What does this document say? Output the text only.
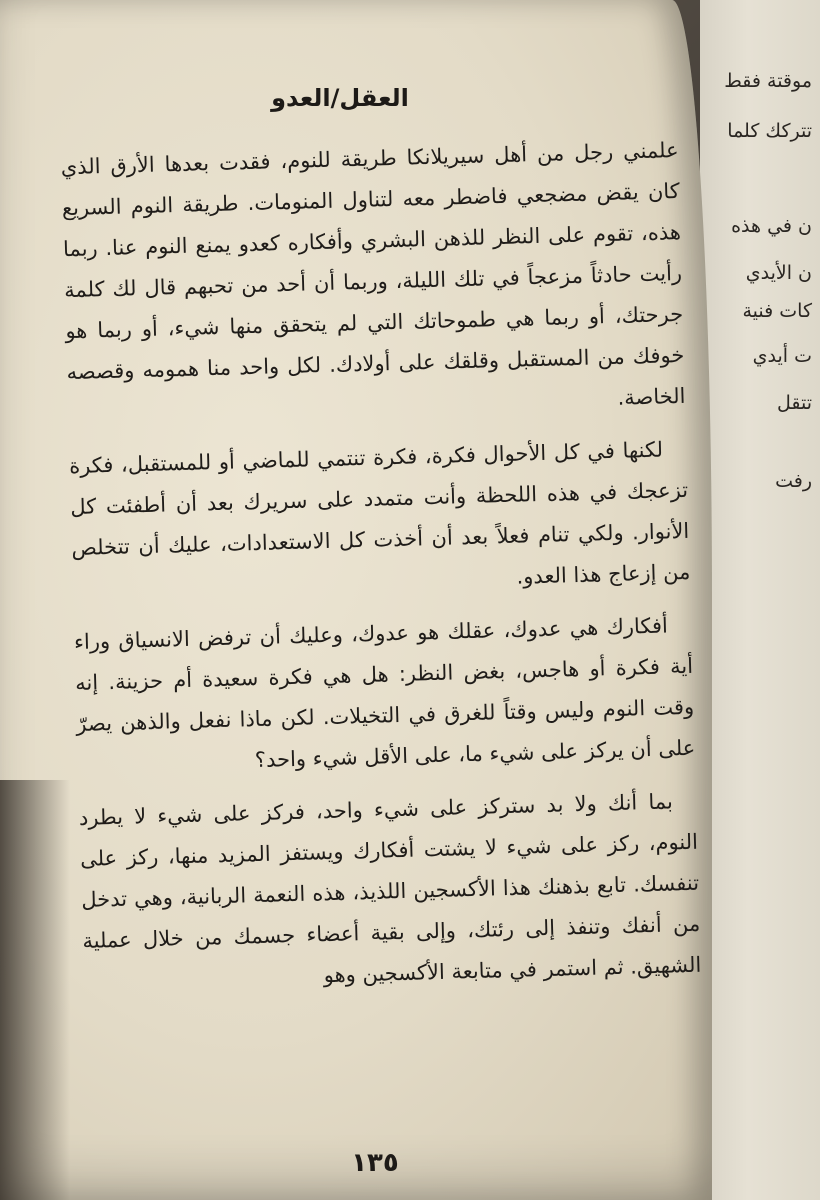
موقتة فقط
تتركك كلما
ن في هذه
ن الأيدي
كات فنية
ت أيدي
تتقل
رفت
العقل/العدو

علمني رجل من أهل سيريلانكا طريقة للنوم، فقدت بعدها الأرق الذي كان يقض مضجعي فاضطر معه لتناول المنومات. طريقة النوم السريع هذه، تقوم على النظر للذهن البشري وأفكاره كعدو يمنع النوم عنا. ربما رأيت حادثاً مزعجاً في تلك الليلة، وربما أن أحد من تحبهم قال لك كلمة جرحتك، أو ربما هي طموحاتك التي لم يتحقق منها شيء، أو ربما هو خوفك من المستقبل وقلقك على أولادك. لكل واحد منا همومه وقصصه الخاصة.

لكنها في كل الأحوال فكرة، فكرة تنتمي للماضي أو للمستقبل، فكرة تزعجك في هذه اللحظة وأنت متمدد على سريرك بعد أن أطفئت كل الأنوار. ولكي تنام فعلاً بعد أن أخذت كل الاستعدادات، عليك أن تتخلص من إزعاج هذا العدو.

أفكارك هي عدوك، عقلك هو عدوك، وعليك أن ترفض الانسياق وراء أية فكرة أو هاجس، بغض النظر: هل هي فكرة سعيدة أم حزينة. إنه وقت النوم وليس وقتاً للغرق في التخيلات. لكن ماذا نفعل والذهن يصرّ على أن يركز على شيء ما، على الأقل شيء واحد؟

بما أنك ولا بد ستركز على شيء واحد، فركز على شيء لا يطرد النوم، ركز على شيء لا يشتت أفكارك ويستفز المزيد منها، ركز على تنفسك. تابع بذهنك هذا الأكسجين اللذيذ، هذه النعمة الربانية، وهي تدخل من أنفك وتنفذ إلى رئتك، وإلى بقية أعضاء جسمك من خلال عملية الشهيق. ثم استمر في متابعة الأكسجين وهو

١٣٥
